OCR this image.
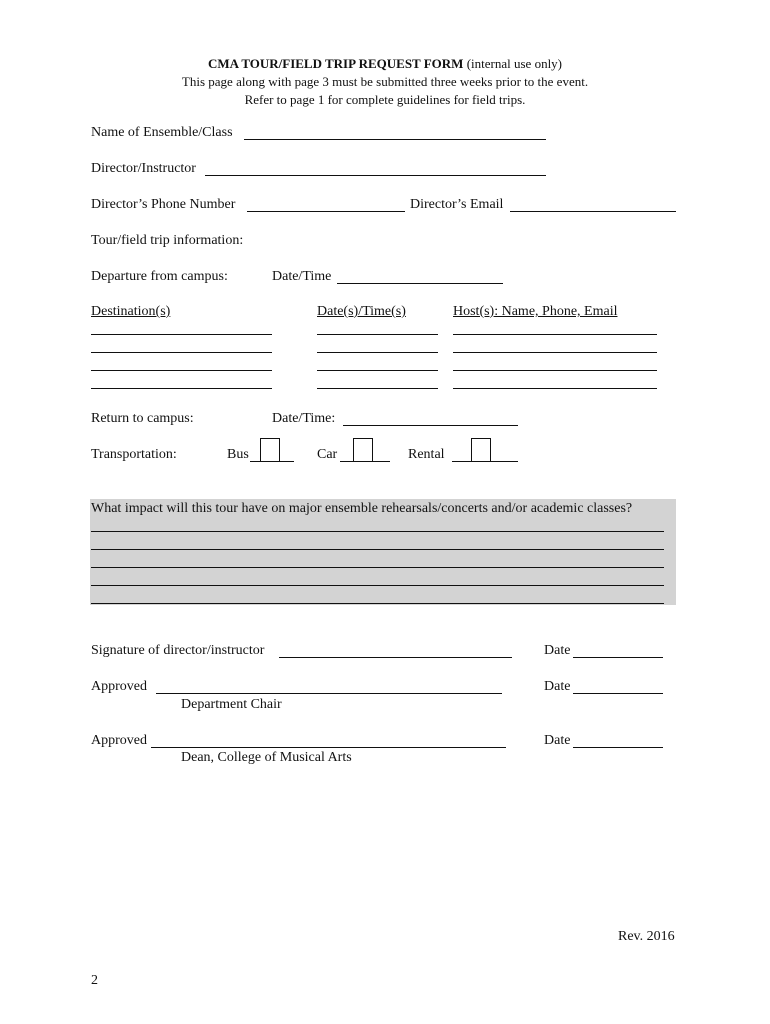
CMA TOUR/FIELD TRIP REQUEST FORM (internal use only)
This page along with page 3 must be submitted three weeks prior to the event.
Refer to page 1 for complete guidelines for field trips.
Name of Ensemble/Class
Director/Instructor
Director’s Phone Number	Director’s Email
Tour/field trip information:
Departure from campus:	Date/Time
Destination(s)	Date(s)/Time(s)	Host(s): Name, Phone, Email
Return to campus:	Date/Time:
Transportation:	Bus	Car	Rental
What impact will this tour have on major ensemble rehearsals/concerts and/or academic classes?
Signature of director/instructor	Date
Approved	Date
Department Chair
Approved	Date
Dean, College of Musical Arts
Rev. 2016
2
